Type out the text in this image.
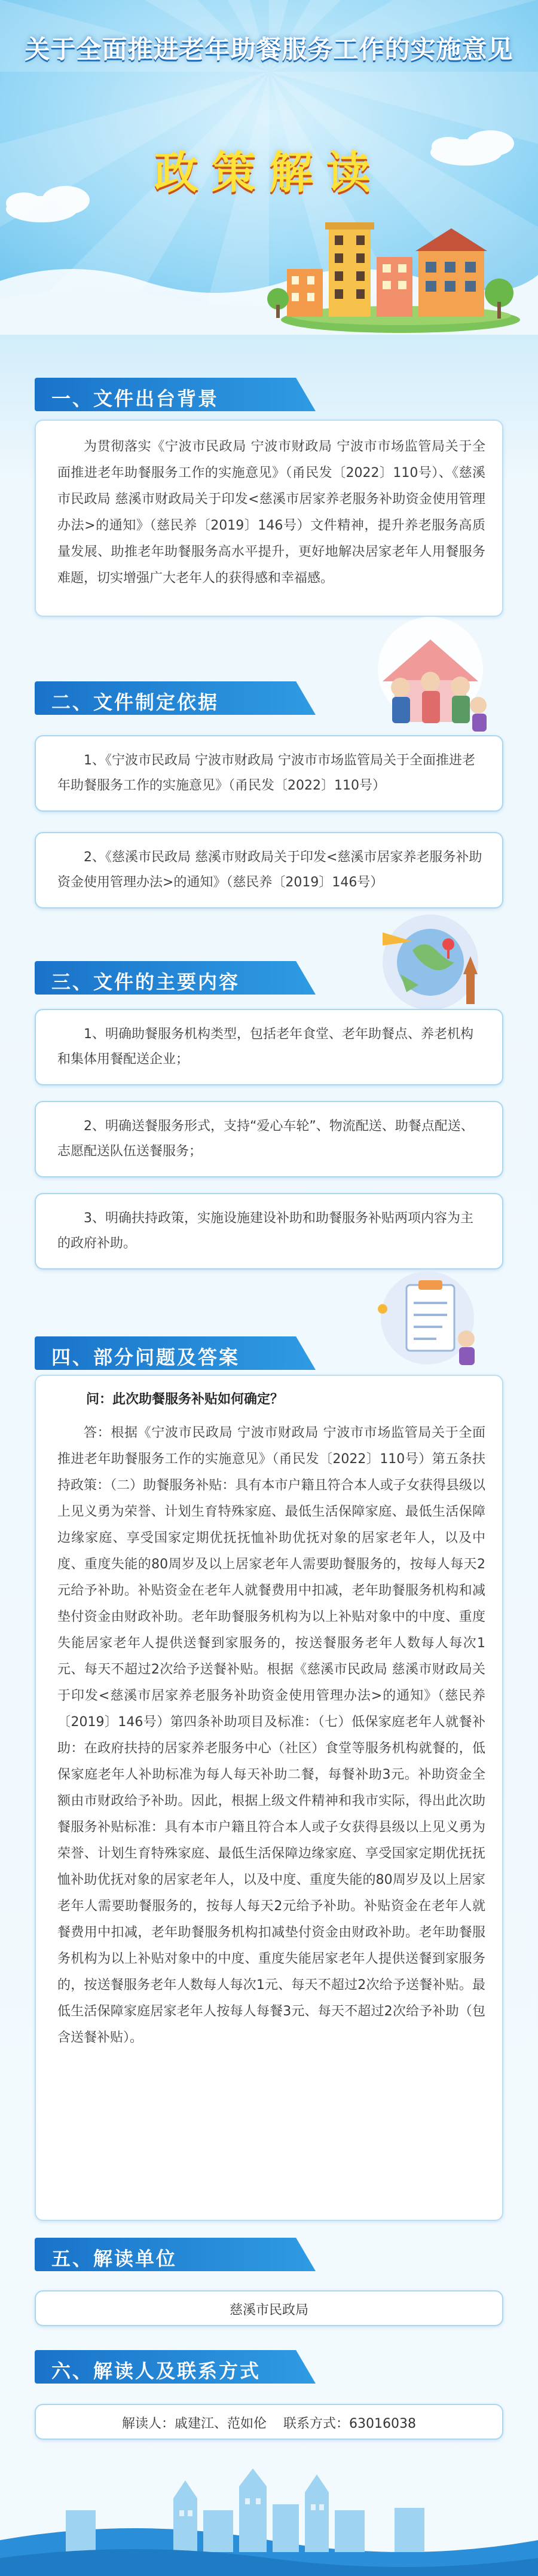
关于全面推进老年助餐服务工作的实施意见
政策解读
一、文件出台背景
为贯彻落实《宁波市民政局 宁波市财政局 宁波市市场监管局关于全面推进老年助餐服务工作的实施意见》（甬民发〔2022〕110号）、《慈溪市民政局 慈溪市财政局关于印发<慈溪市居家养老服务补助资金使用管理办法>的通知》（慈民养〔2019〕146号）文件精神，提升养老服务高质量发展、助推老年助餐服务高水平提升，更好地解决居家老年人用餐服务难题，切实增强广大老年人的获得感和幸福感。
二、文件制定依据
1、《宁波市民政局 宁波市财政局 宁波市市场监管局关于全面推进老年助餐服务工作的实施意见》（甬民发〔2022〕110号）
2、《慈溪市民政局 慈溪市财政局关于印发<慈溪市居家养老服务补助资金使用管理办法>的通知》（慈民养〔2019〕146号）
三、文件的主要内容
1、明确助餐服务机构类型，包括老年食堂、老年助餐点、养老机构和集体用餐配送企业；
2、明确送餐服务形式，支持“爱心车轮”、物流配送、助餐点配送、志愿配送队伍送餐服务；
3、明确扶持政策，实施设施建设补助和助餐服务补贴两项内容为主的政府补助。
四、部分问题及答案
问：此次助餐服务补贴如何确定？
答：根据《宁波市民政局 宁波市财政局 宁波市市场监管局关于全面推进老年助餐服务工作的实施意见》（甬民发〔2022〕110号）第五条扶持政策：（二）助餐服务补贴：具有本市户籍且符合本人或子女获得县级以上见义勇为荣誉、计划生育特殊家庭、最低生活保障家庭、最低生活保障边缘家庭、享受国家定期优抚抚恤补助优抚对象的居家老年人，以及中度、重度失能的80周岁及以上居家老年人需要助餐服务的，按每人每天2元给予补助。补贴资金在老年人就餐费用中扣减，老年助餐服务机构和减垫付资金由财政补助。老年助餐服务机构为以上补贴对象中的中度、重度失能居家老年人提供送餐到家服务的，按送餐服务老年人数每人每次1元、每天不超过2次给予送餐补贴。根据《慈溪市民政局 慈溪市财政局关于印发<慈溪市居家养老服务补助资金使用管理办法>的通知》（慈民养〔2019〕146号）第四条补助项目及标准：（七）低保家庭老年人就餐补助：在政府扶持的居家养老服务中心（社区）食堂等服务机构就餐的，低保家庭老年人补助标准为每人每天补助二餐，每餐补助3元。补助资金全额由市财政给予补助。因此，根据上级文件精神和我市实际，得出此次助餐服务补贴标准：具有本市户籍且符合本人或子女获得县级以上见义勇为荣誉、计划生育特殊家庭、最低生活保障边缘家庭、享受国家定期优抚抚恤补助优抚对象的居家老年人，以及中度、重度失能的80周岁及以上居家老年人需要助餐服务的，按每人每天2元给予补助。补贴资金在老年人就餐费用中扣减，老年助餐服务机构扣减垫付资金由财政补助。老年助餐服务机构为以上补贴对象中的中度、重度失能居家老年人提供送餐到家服务的，按送餐服务老年人数每人每次1元、每天不超过2次给予送餐补贴。最低生活保障家庭居家老年人按每人每餐3元、每天不超过2次给予补助（包含送餐补贴）。
五、解读单位
慈溪市民政局
六、解读人及联系方式
解读人：戚建江、范如伦    联系方式：63016038
